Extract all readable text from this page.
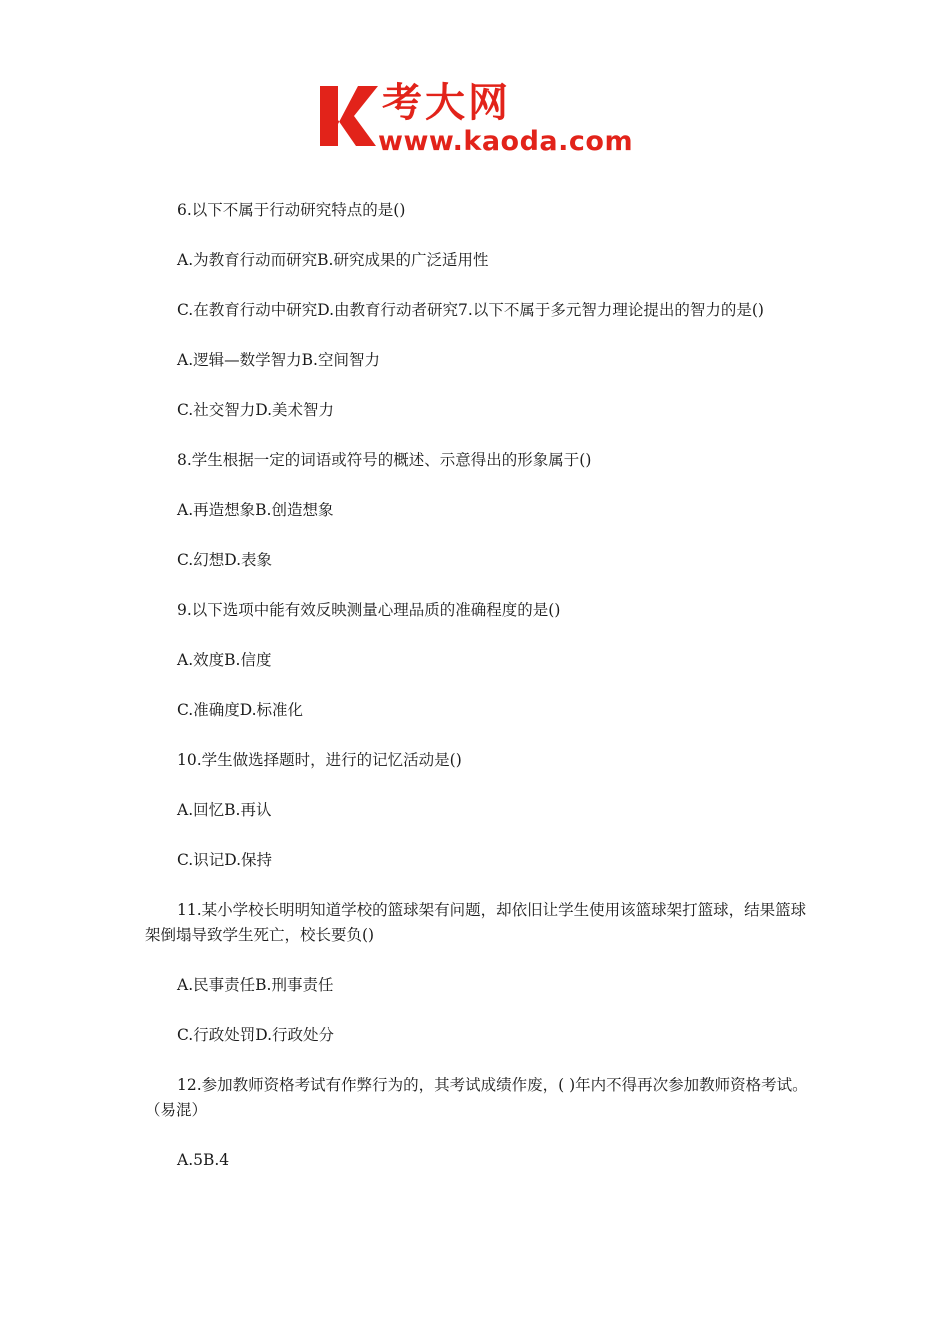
考大网
www.kaoda.com

6.以下不属于行动研究特点的是()

A.为教育行动而研究B.研究成果的广泛适用性

C.在教育行动中研究D.由教育行动者研究7.以下不属于多元智力理论提出的智力的是()

A.逻辑—数学智力B.空间智力

C.社交智力D.美术智力

8.学生根据一定的词语或符号的概述、示意得出的形象属于()

A.再造想象B.创造想象

C.幻想D.表象

9.以下选项中能有效反映测量心理品质的准确程度的是()

A.效度B.信度

C.准确度D.标准化

10.学生做选择题时，进行的记忆活动是()

A.回忆B.再认

C.识记D.保持

11.某小学校长明明知道学校的篮球架有问题，却依旧让学生使用该篮球架打篮球，结果篮球架倒塌导致学生死亡，校长要负()

A.民事责任B.刑事责任

C.行政处罚D.行政处分

12.参加教师资格考试有作弊行为的，其考试成绩作废，( )年内不得再次参加教师资格考试。（易混）

A.5B.4
